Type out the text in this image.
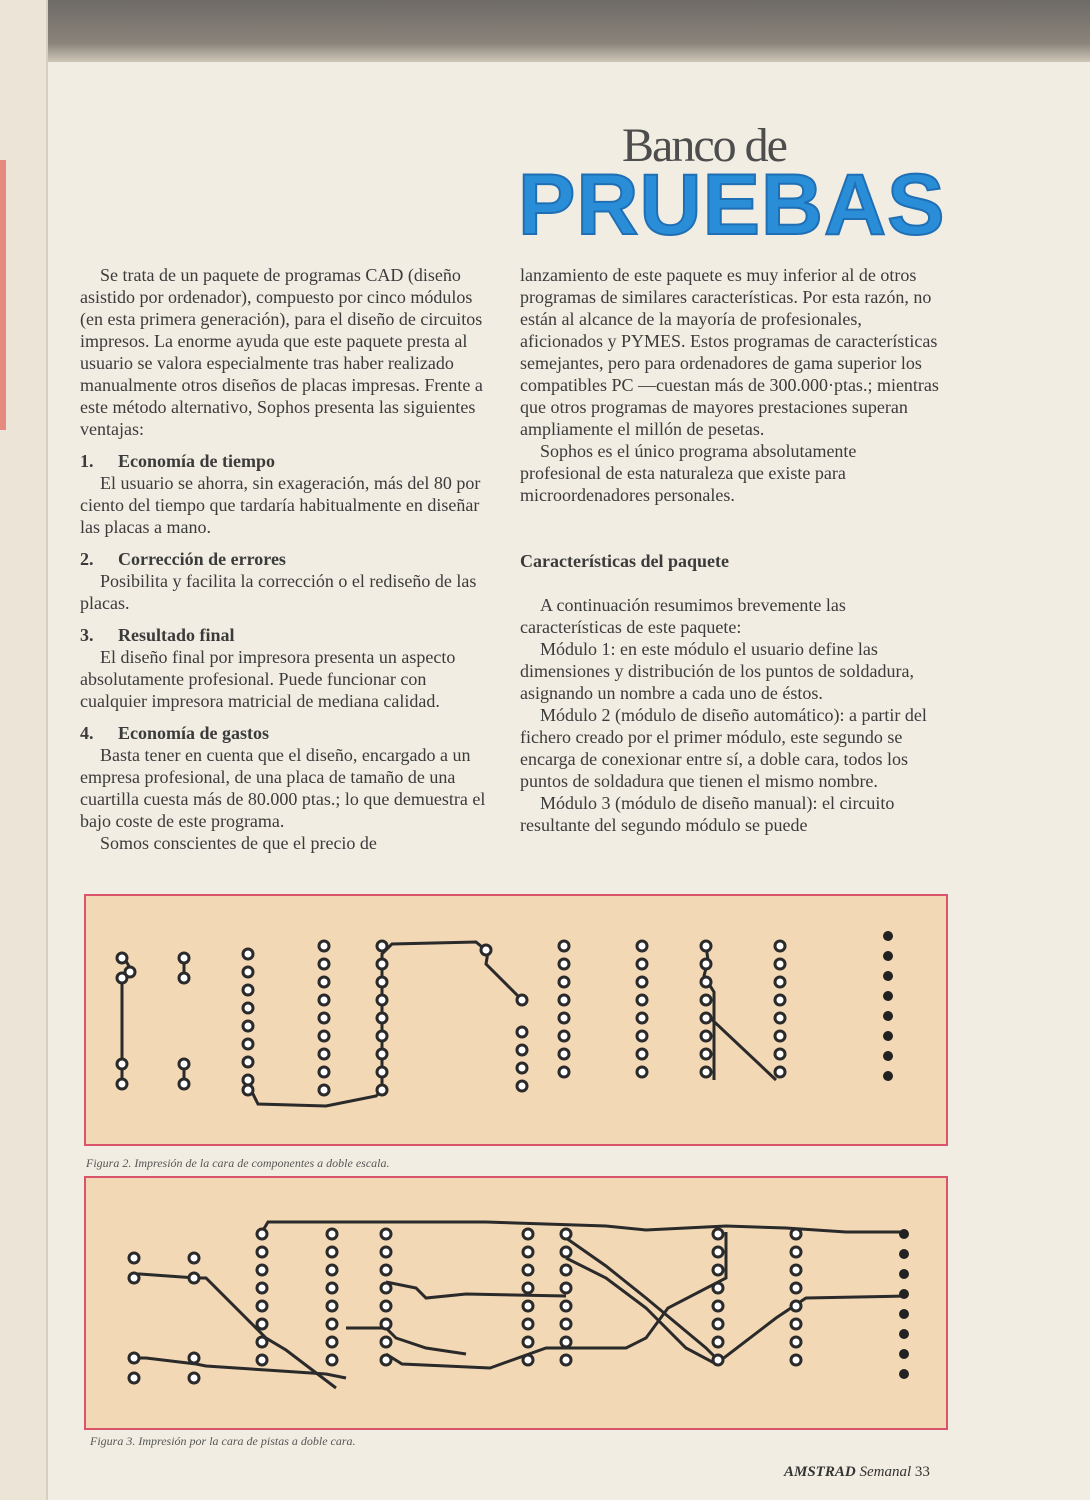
Banco de
PRUEBAS

Se trata de un paquete de programas CAD (diseño asistido por ordenador), compuesto por cinco módulos (en esta primera generación), para el diseño de circuitos impresos. La enorme ayuda que este paquete presta al usuario se valora especialmente tras haber realizado manualmente otros diseños de placas impresas. Frente a este método alternativo, Sophos presenta las siguientes ventajas:

1. Economía de tiempo

El usuario se ahorra, sin exageración, más del 80 por ciento del tiempo que tardaría habitualmente en diseñar las placas a mano.

2. Corrección de errores

Posibilita y facilita la corrección o el rediseño de las placas.

3. Resultado final

El diseño final por impresora presenta un aspecto absolutamente profesional. Puede funcionar con cualquier impresora matricial de mediana calidad.

4. Economía de gastos

Basta tener en cuenta que el diseño, encargado a un empresa profesional, de una placa de tamaño de una cuartilla cuesta más de 80.000 ptas.; lo que demuestra el bajo coste de este programa.

Somos conscientes de que el precio de

lanzamiento de este paquete es muy inferior al de otros programas de similares características. Por esta razón, no están al alcance de la mayoría de profesionales, aficionados y PYMES. Estos programas de características semejantes, pero para ordenadores de gama superior los compatibles PC —cuestan más de 300.000·ptas.; mientras que otros programas de mayores prestaciones superan ampliamente el millón de pesetas.

Sophos es el único programa absolutamente profesional de esta naturaleza que existe para microordenadores personales.

Características del paquete

A continuación resumimos brevemente las características de este paquete:

Módulo 1: en este módulo el usuario define las dimensiones y distribución de los puntos de soldadura, asignando un nombre a cada uno de éstos.

Módulo 2 (módulo de diseño automático): a partir del fichero creado por el primer módulo, este segundo se encarga de conexionar entre sí, a doble cara, todos los puntos de soldadura que tienen el mismo nombre.

Módulo 3 (módulo de diseño manual): el circuito resultante del segundo módulo se puede

Figura 2. Impresión de la cara de componentes a doble escala.
Figura 3. Impresión por la cara de pistas a doble cara.
AMSTRAD Semanal 33
